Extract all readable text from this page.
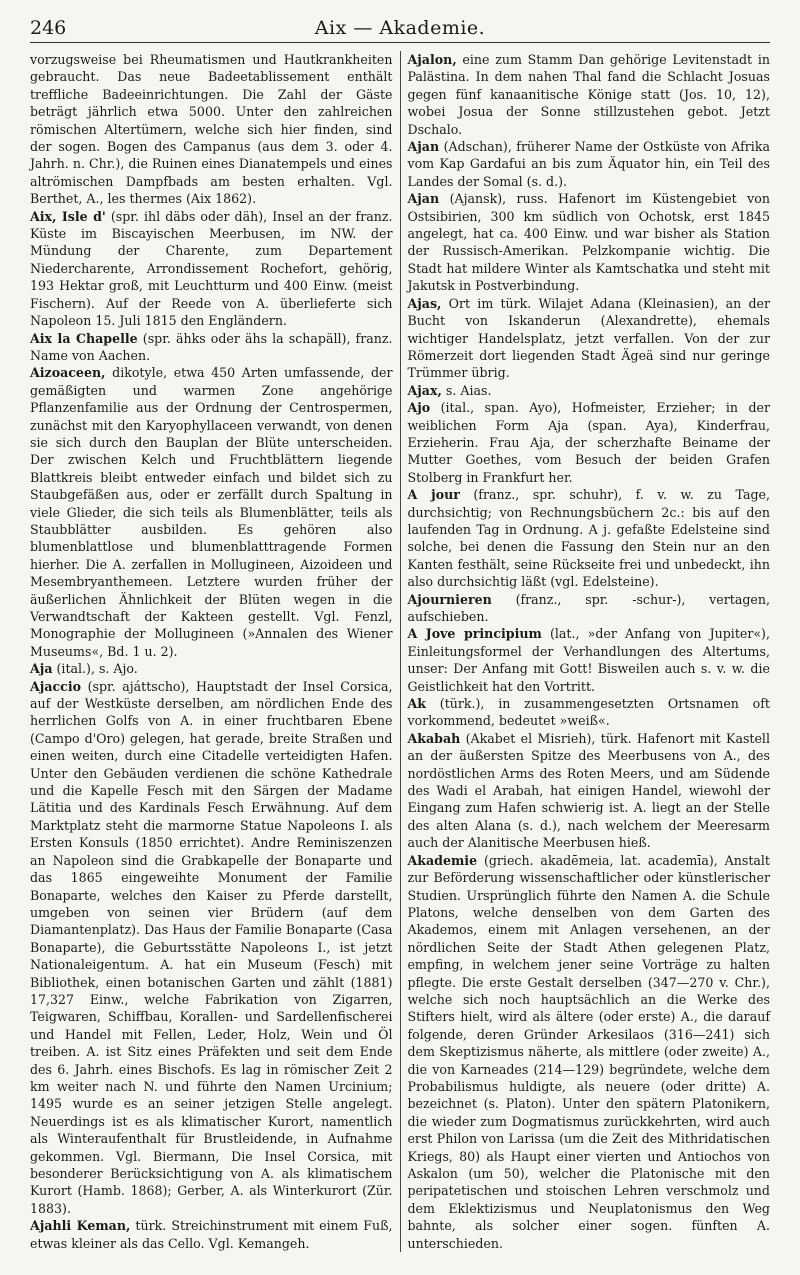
246	Aix — Akademie.

vorzugsweise bei Rheumatismen und Hautkrankheiten gebraucht. Das neue Badeetablissement enthält treffliche Badeeinrichtungen. Die Zahl der Gäste beträgt jährlich etwa 5000. Unter den zahlreichen römischen Altertümern, welche sich hier finden, sind der sogen. Bogen des Campanus (aus dem 3. oder 4. Jahrh. n. Chr.), die Ruinen eines Dianatempels und eines altrömischen Dampfbads am besten erhalten. Vgl. Berthet, A., les thermes (Aix 1862).

Aix, Isle d' (spr. ihl däbs oder däh), Insel an der franz. Küste im Biscayischen Meerbusen, im NW. der Mündung der Charente, zum Departement Niedercharente, Arrondissement Rochefort, gehörig, 193 Hektar groß, mit Leuchtturm und 400 Einw. (meist Fischern). Auf der Reede von A. überlieferte sich Napoleon 15. Juli 1815 den Engländern.

Aix la Chapelle (spr. ähks oder ähs la schapäll), franz. Name von Aachen.

Aizoaceen, dikotyle, etwa 450 Arten umfassende, der gemäßigten und warmen Zone angehörige Pflanzenfamilie aus der Ordnung der Centrospermen, zunächst mit den Karyophyllaceen verwandt, von denen sie sich durch den Bauplan der Blüte unterscheiden. Der zwischen Kelch und Fruchtblättern liegende Blattkreis bleibt entweder einfach und bildet sich zu Staubgefäßen aus, oder er zerfällt durch Spaltung in viele Glieder, die sich teils als Blumenblätter, teils als Staubblätter ausbilden. Es gehören also blumenblattlose und blumenblatttragende Formen hierher. Die A. zerfallen in Mollugineen, Aizoideen und Mesembryanthemeen. Letztere wurden früher der äußerlichen Ähnlichkeit der Blüten wegen in die Verwandtschaft der Kakteen gestellt. Vgl. Fenzl, Monographie der Mollugineen (»Annalen des Wiener Museums«, Bd. 1 u. 2).

Aja (ital.), s. Ajo.

Ajaccio (spr. ajáttscho), Hauptstadt der Insel Corsica, auf der Westküste derselben, am nördlichen Ende des herrlichen Golfs von A. in einer fruchtbaren Ebene (Campo d'Oro) gelegen, hat gerade, breite Straßen und einen weiten, durch eine Citadelle verteidigten Hafen. Unter den Gebäuden verdienen die schöne Kathedrale und die Kapelle Fesch mit den Särgen der Madame Lätitia und des Kardinals Fesch Erwähnung. Auf dem Marktplatz steht die marmorne Statue Napoleons I. als Ersten Konsuls (1850 errichtet). Andre Reminiszenzen an Napoleon sind die Grabkapelle der Bonaparte und das 1865 eingeweihte Monument der Familie Bonaparte, welches den Kaiser zu Pferde darstellt, umgeben von seinen vier Brüdern (auf dem Diamantenplatz). Das Haus der Familie Bonaparte (Casa Bonaparte), die Geburtsstätte Napoleons I., ist jetzt Nationaleigentum. A. hat ein Museum (Fesch) mit Bibliothek, einen botanischen Garten und zählt (1881) 17,327 Einw., welche Fabrikation von Zigarren, Teigwaren, Schiffbau, Korallen- und Sardellenfischerei und Handel mit Fellen, Leder, Holz, Wein und Öl treiben. A. ist Sitz eines Präfekten und seit dem Ende des 6. Jahrh. eines Bischofs. Es lag in römischer Zeit 2 km weiter nach N. und führte den Namen Urcinium; 1495 wurde es an seiner jetzigen Stelle angelegt. Neuerdings ist es als klimatischer Kurort, namentlich als Winteraufenthalt für Brustleidende, in Aufnahme gekommen. Vgl. Biermann, Die Insel Corsica, mit besonderer Berücksichtigung von A. als klimatischem Kurort (Hamb. 1868); Gerber, A. als Winterkurort (Zür. 1883).

Ajahli Keman, türk. Streichinstrument mit einem Fuß, etwas kleiner als das Cello. Vgl. Kemangeh.

Ajalon, eine zum Stamm Dan gehörige Levitenstadt in Palästina. In dem nahen Thal fand die Schlacht Josuas gegen fünf kanaanitische Könige statt (Jos. 10, 12), wobei Josua der Sonne stillzustehen gebot. Jetzt Dschalo.

Ajan (Adschan), früherer Name der Ostküste von Afrika vom Kap Gardafui an bis zum Äquator hin, ein Teil des Landes der Somal (s. d.).

Ajan (Ajansk), russ. Hafenort im Küstengebiet von Ostsibirien, 300 km südlich von Ochotsk, erst 1845 angelegt, hat ca. 400 Einw. und war bisher als Station der Russisch-Amerikan. Pelzkompanie wichtig. Die Stadt hat mildere Winter als Kamtschatka und steht mit Jakutsk in Postverbindung.

Ajas, Ort im türk. Wilajet Adana (Kleinasien), an der Bucht von Iskanderun (Alexandrette), ehemals wichtiger Handelsplatz, jetzt verfallen. Von der zur Römerzeit dort liegenden Stadt Ägeä sind nur geringe Trümmer übrig.

Ajax, s. Aias.

Ajo (ital., span. Ayo), Hofmeister, Erzieher; in der weiblichen Form Aja (span. Aya), Kinderfrau, Erzieherin. Frau Aja, der scherzhafte Beiname der Mutter Goethes, vom Besuch der beiden Grafen Stolberg in Frankfurt her.

A jour (franz., spr. schuhr), f. v. w. zu Tage, durchsichtig; von Rechnungsbüchern 2c.: bis auf den laufenden Tag in Ordnung. A j. gefaßte Edelsteine sind solche, bei denen die Fassung den Stein nur an den Kanten festhält, seine Rückseite frei und unbedeckt, ihn also durchsichtig läßt (vgl. Edelsteine).

Ajournieren (franz., spr. -schur-), vertagen, aufschieben.

A Jove principium (lat., »der Anfang von Jupiter«), Einleitungsformel der Verhandlungen des Altertums, unser: Der Anfang mit Gott! Bisweilen auch s. v. w. die Geistlichkeit hat den Vortritt.

Ak (türk.), in zusammengesetzten Ortsnamen oft vorkommend, bedeutet »weiß«.

Akabah (Akabet el Misrieh), türk. Hafenort mit Kastell an der äußersten Spitze des Meerbusens von A., des nordöstlichen Arms des Roten Meers, und am Südende des Wadi el Arabah, hat einigen Handel, wiewohl der Eingang zum Hafen schwierig ist. A. liegt an der Stelle des alten Alana (s. d.), nach welchem der Meeresarm auch der Alanitische Meerbusen hieß.

Akademie (griech. akadēmeia, lat. academīa), Anstalt zur Beförderung wissenschaftlicher oder künstlerischer Studien. Ursprünglich führte den Namen A. die Schule Platons, welche denselben von dem Garten des Akademos, einem mit Anlagen versehenen, an der nördlichen Seite der Stadt Athen gelegenen Platz, empfing, in welchem jener seine Vorträge zu halten pflegte. Die erste Gestalt derselben (347—270 v. Chr.), welche sich noch hauptsächlich an die Werke des Stifters hielt, wird als ältere (oder erste) A., die darauf folgende, deren Gründer Arkesilaos (316—241) sich dem Skeptizismus näherte, als mittlere (oder zweite) A., die von Karneades (214—129) begründete, welche dem Probabilismus huldigte, als neuere (oder dritte) A. bezeichnet (s. Platon). Unter den spätern Platonikern, die wieder zum Dogmatismus zurückkehrten, wird auch erst Philon von Larissa (um die Zeit des Mithridatischen Kriegs, 80) als Haupt einer vierten und Antiochos von Askalon (um 50), welcher die Platonische mit den peripatetischen und stoischen Lehren verschmolz und dem Eklektizismus und Neuplatonismus den Weg bahnte, als solcher einer sogen. fünften A. unterschieden.
